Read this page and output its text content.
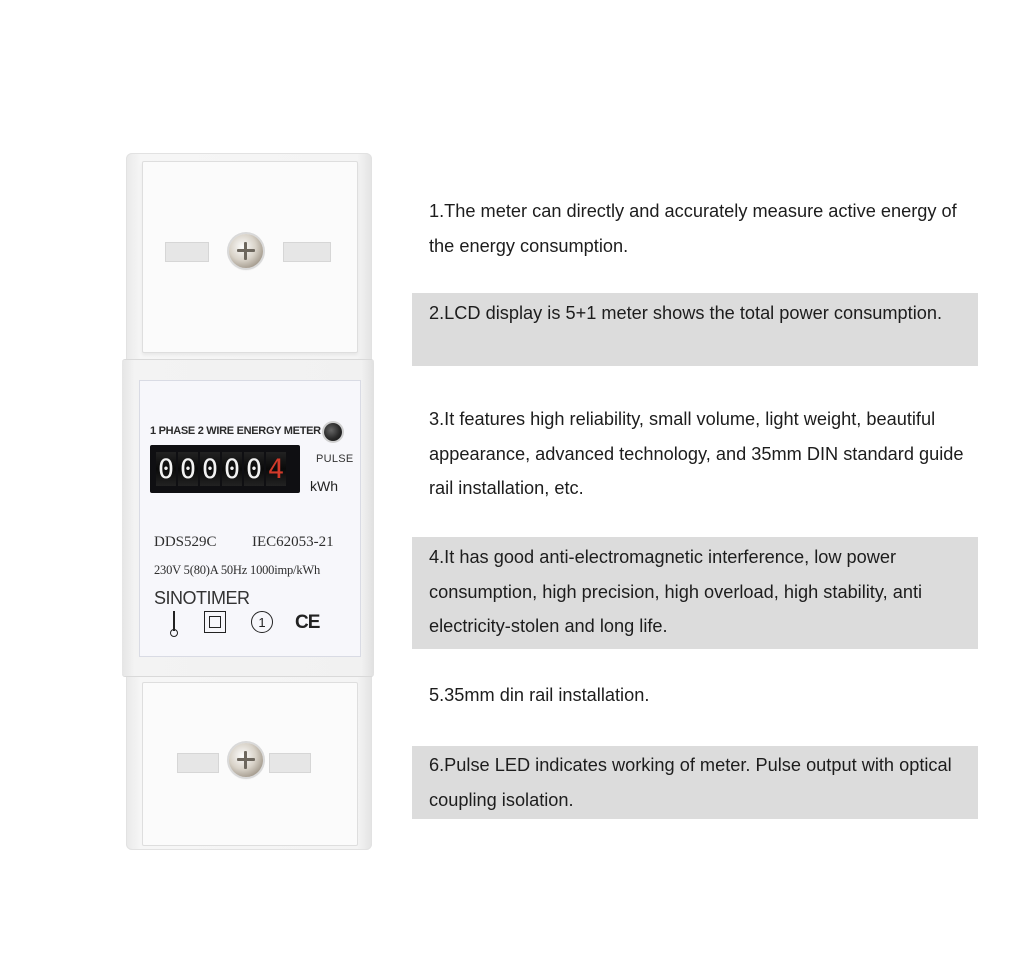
1 PHASE 2 WIRE ENERGY METER
PULSE
0 0 0 0 0 4
kWh
DDS529C IEC62053-21
230V 5(80)A 50Hz 1000imp/kWh
SINOTIMER
1	CE
1.The meter can directly and accurately measure active energy of the energy consumption.
2.LCD display is 5+1 meter shows the total power consumption.
3.It features high reliability, small volume, light weight, beautiful appearance, advanced technology, and 35mm DIN standard guide rail installation, etc.
4.It has good anti-electromagnetic interference, low power consumption, high precision, high overload, high stability, anti electricity-stolen and long life.
5.35mm din rail installation.
6.Pulse LED indicates working of meter. Pulse output with optical coupling isolation.
